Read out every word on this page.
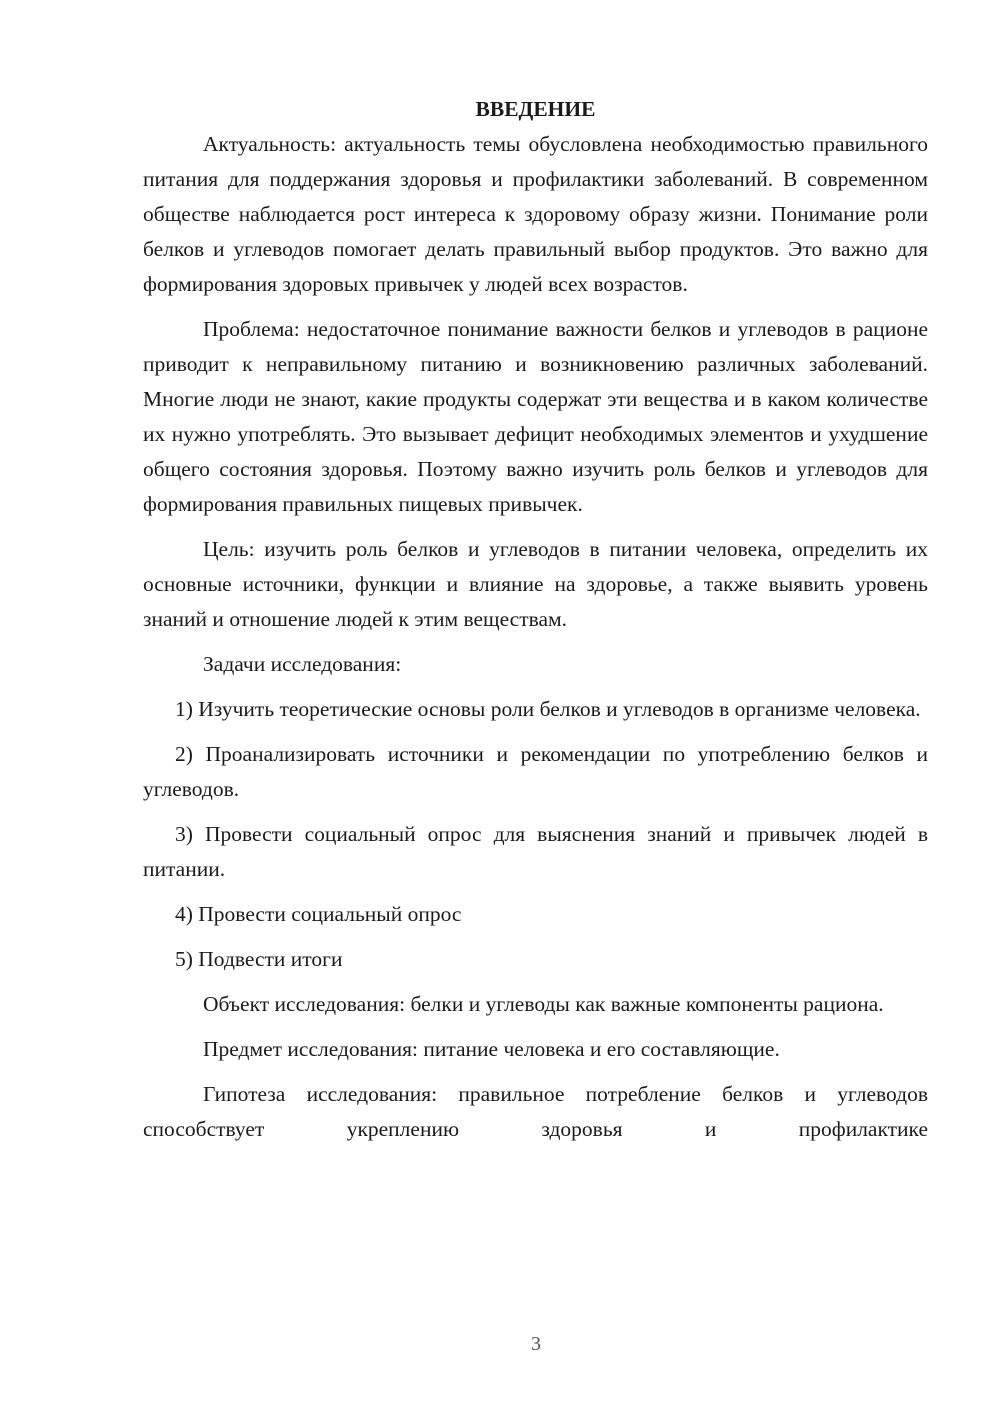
ВВЕДЕНИЕ

Актуальность: актуальность темы обусловлена необходимостью правильного питания для поддержания здоровья и профилактики заболеваний. В современном обществе наблюдается рост интереса к здоровому образу жизни. Понимание роли белков и углеводов помогает делать правильный выбор продуктов. Это важно для формирования здоровых привычек у людей всех возрастов.

Проблема: недостаточное понимание важности белков и углеводов в рационе приводит к неправильному питанию и возникновению различных заболеваний. Многие люди не знают, какие продукты содержат эти вещества и в каком количестве их нужно употреблять. Это вызывает дефицит необходимых элементов и ухудшение общего состояния здоровья. Поэтому важно изучить роль белков и углеводов для формирования правильных пищевых привычек.

Цель: изучить роль белков и углеводов в питании человека, определить их основные источники, функции и влияние на здоровье, а также выявить уровень знаний и отношение людей к этим веществам.

Задачи исследования:

1) Изучить теоретические основы роли белков и углеводов в организме человека.

2) Проанализировать источники и рекомендации по употреблению белков и углеводов.

3) Провести социальный опрос для выяснения знаний и привычек людей в питании.

4) Провести социальный опрос

5) Подвести итоги

Объект исследования: белки и углеводы как важные компоненты рациона.

Предмет исследования: питание человека и его составляющие.

Гипотеза исследования: правильное потребление белков и углеводов способствует укреплению здоровья и профилактике

3
